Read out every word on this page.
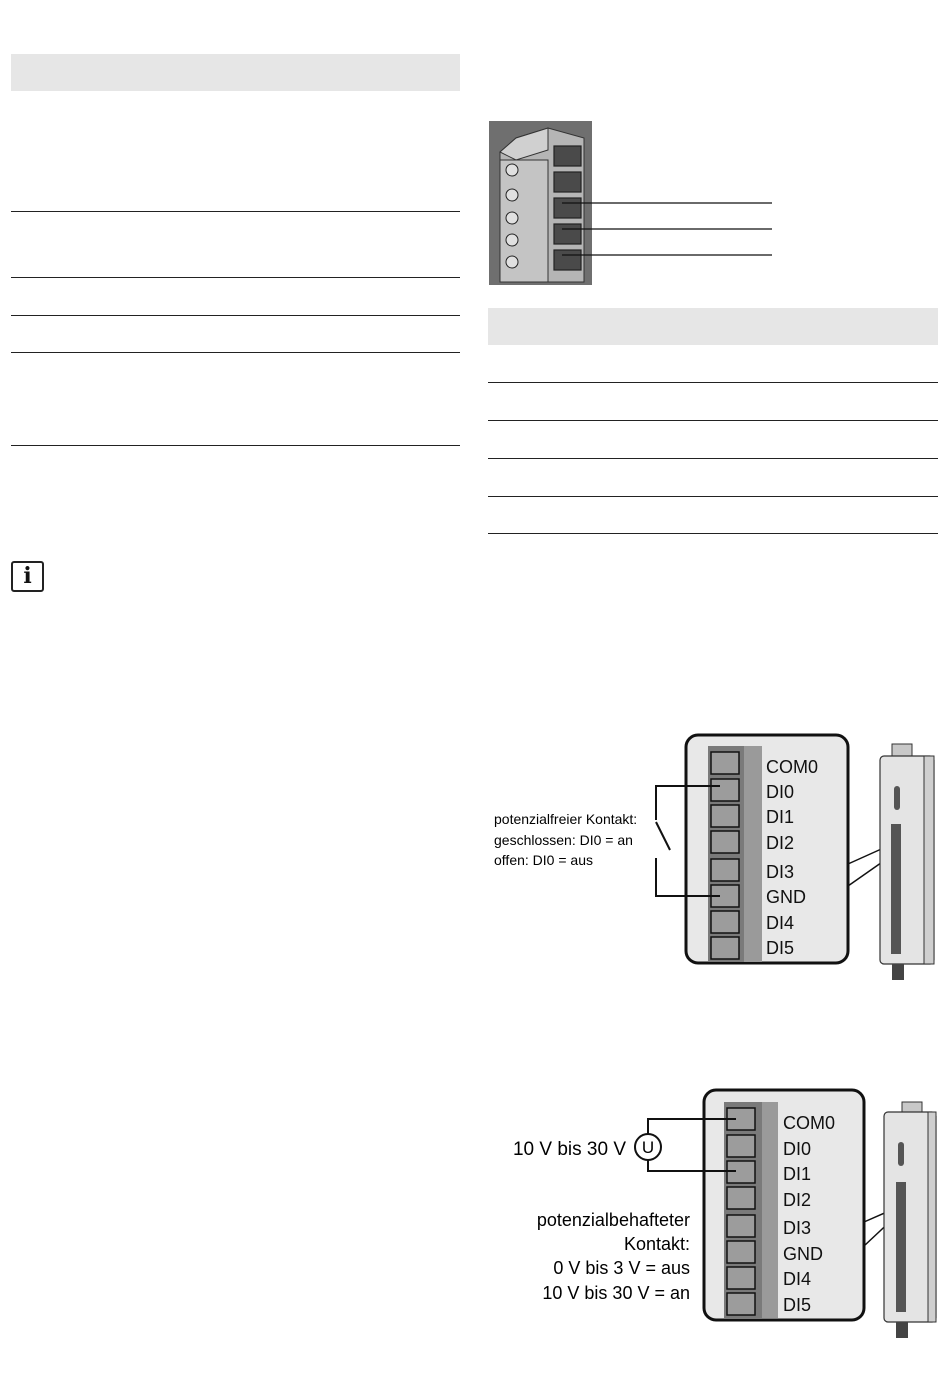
i
COM0
DI0
DI1
DI2
DI3
GND
DI4
DI5
potenzialfreier Kontakt:
geschlossen: DI0 = an
offen: DI0 = aus
COM0
DI0
DI1
DI2
DI3
GND
DI4
DI5
U
10 V bis 30 V
potenzialbehafteter
Kontakt:
0 V bis 3 V = aus
10 V bis 30 V = an
